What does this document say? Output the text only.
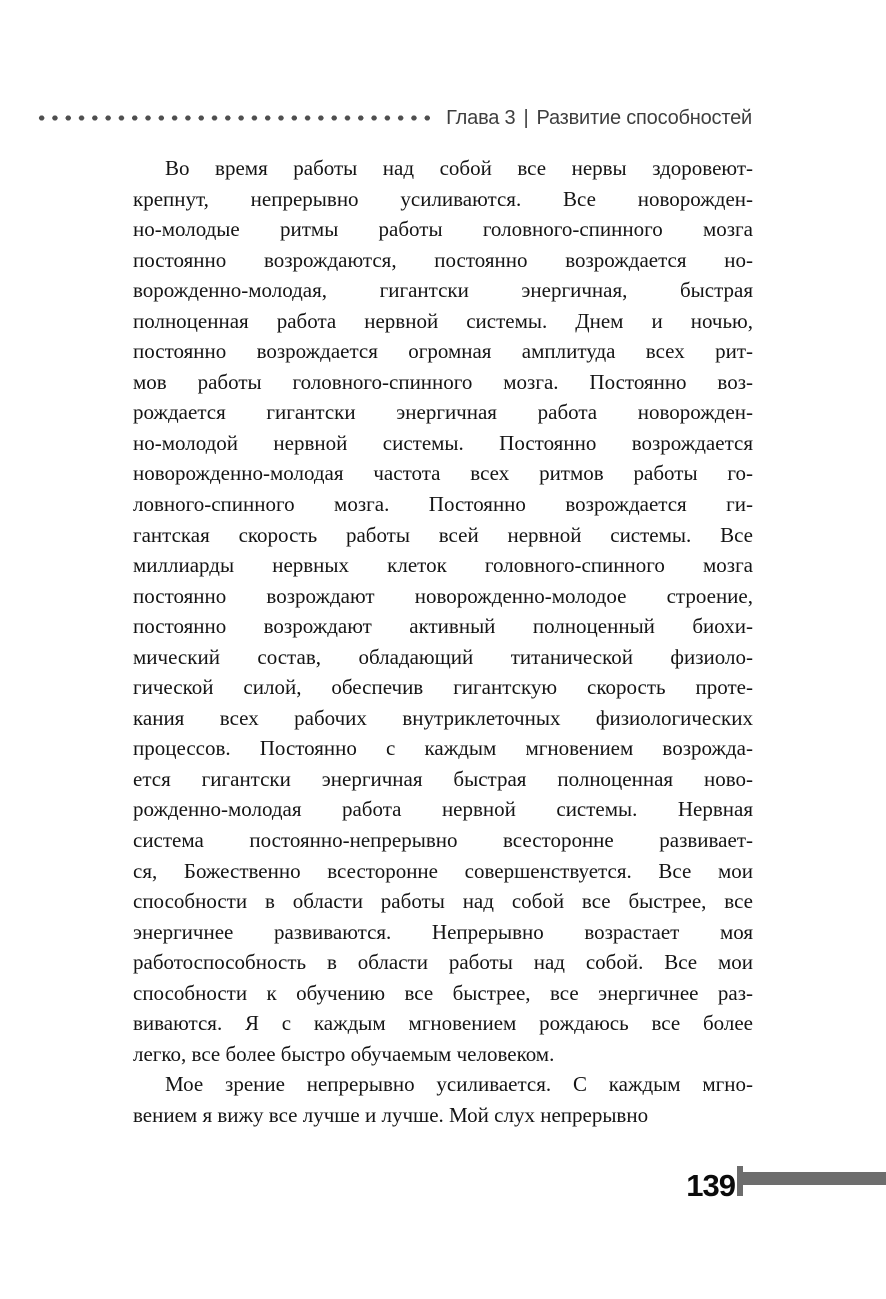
Глава 3 | Развитие способностей
Во время работы над собой все нервы здоровеют-
крепнут, непрерывно усиливаются. Все новорожден-
но-молодые ритмы работы головного-спинного мозга
постоянно возрождаются, постоянно возрождается но-
ворожденно-молодая, гигантски энергичная, быстрая
полноценная работа нервной системы. Днем и ночью,
постоянно возрождается огромная амплитуда всех рит-
мов работы головного-спинного мозга. Постоянно воз-
рождается гигантски энергичная работа новорожден-
но-молодой нервной системы. Постоянно возрождается
новорожденно-молодая частота всех ритмов работы го-
ловного-спинного мозга. Постоянно возрождается ги-
гантская скорость работы всей нервной системы. Все
миллиарды нервных клеток головного-спинного мозга
постоянно возрождают новорожденно-молодое строение,
постоянно возрождают активный полноценный биохи-
мический состав, обладающий титанической физиоло-
гической силой, обеспечив гигантскую скорость проте-
кания всех рабочих внутриклеточных физиологических
процессов. Постоянно с каждым мгновением возрожда-
ется гигантски энергичная быстрая полноценная ново-
рожденно-молодая работа нервной системы. Нервная
система постоянно-непрерывно всесторонне развивает-
ся, Божественно всесторонне совершенствуется. Все мои
способности в области работы над собой все быстрее, все
энергичнее развиваются. Непрерывно возрастает моя
работоспособность в области работы над собой. Все мои
способности к обучению все быстрее, все энергичнее раз-
виваются. Я с каждым мгновением рождаюсь все более
легко, все более быстро обучаемым человеком.
Мое зрение непрерывно усиливается. С каждым мгно-
вением я вижу все лучше и лучше. Мой слух непрерывно
139
